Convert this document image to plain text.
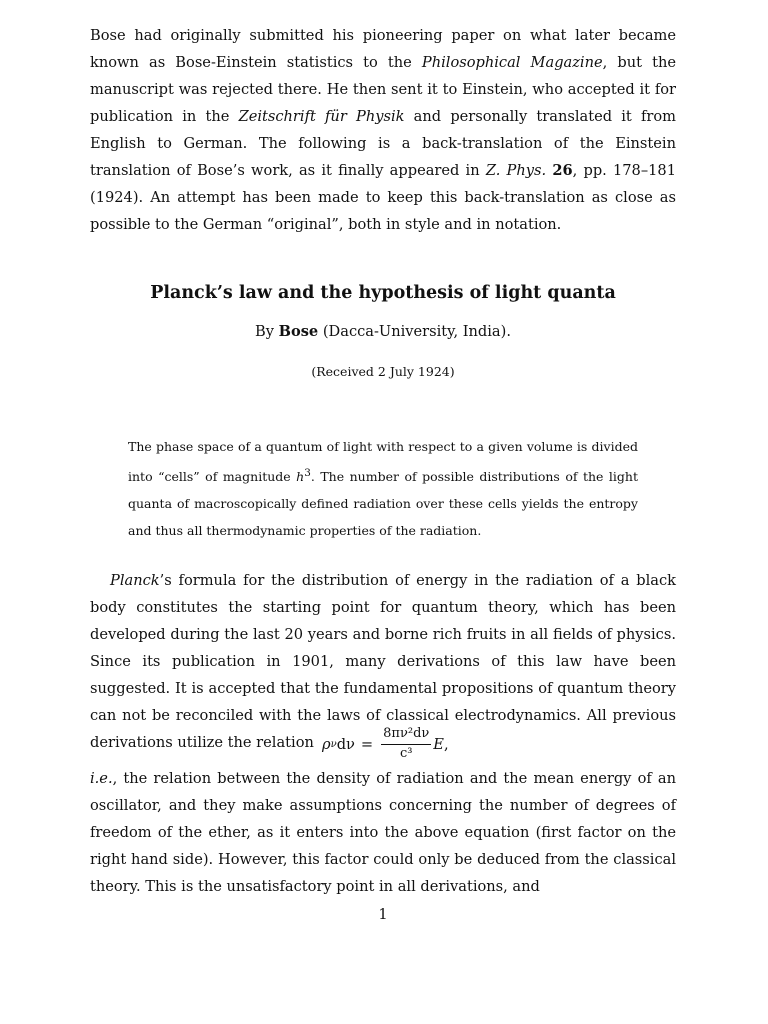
Bose had originally submitted his pioneering paper on what later became known as Bose-Einstein statistics to the Philosophical Magazine, but the manuscript was rejected there. He then sent it to Einstein, who accepted it for publication in the Zeitschrift für Physik and personally translated it from English to German. The following is a back-translation of the Einstein translation of Bose’s work, as it finally appeared in Z. Phys. 26, pp. 178–181 (1924). An attempt has been made to keep this back-translation as close as possible to the German “original”, both in style and in notation.

Planck’s law and the hypothesis of light quanta

By Bose (Dacca-University, India).

(Received 2 July 1924)

The phase space of a quantum of light with respect to a given volume is divided into “cells” of magnitude $h^3$. The number of possible distributions of the light quanta of macroscopically defined radiation over these cells yields the entropy and thus all thermodynamic properties of the radiation.

Planck’s formula for the distribution of energy in the radiation of a black body constitutes the starting point for quantum theory, which has been developed during the last 20 years and borne rich fruits in all fields of physics. Since its publication in 1901, many derivations of this law have been suggested. It is accepted that the fundamental propositions of quantum theory can not be reconciled with the laws of classical electrodynamics. All previous derivations utilize the relation ρ ν $d\nu = \frac{\text{8πν²dν}}{\text{c³}}$ E ,

i.e., the relation between the density of radiation and the mean energy of an oscillator, and they make assumptions concerning the number of degrees of freedom of the ether, as it enters into the above equation (first factor on the right hand side). However, this factor could only be deduced from the classical theory. This is the unsatisfactory point in all derivations, and

1
